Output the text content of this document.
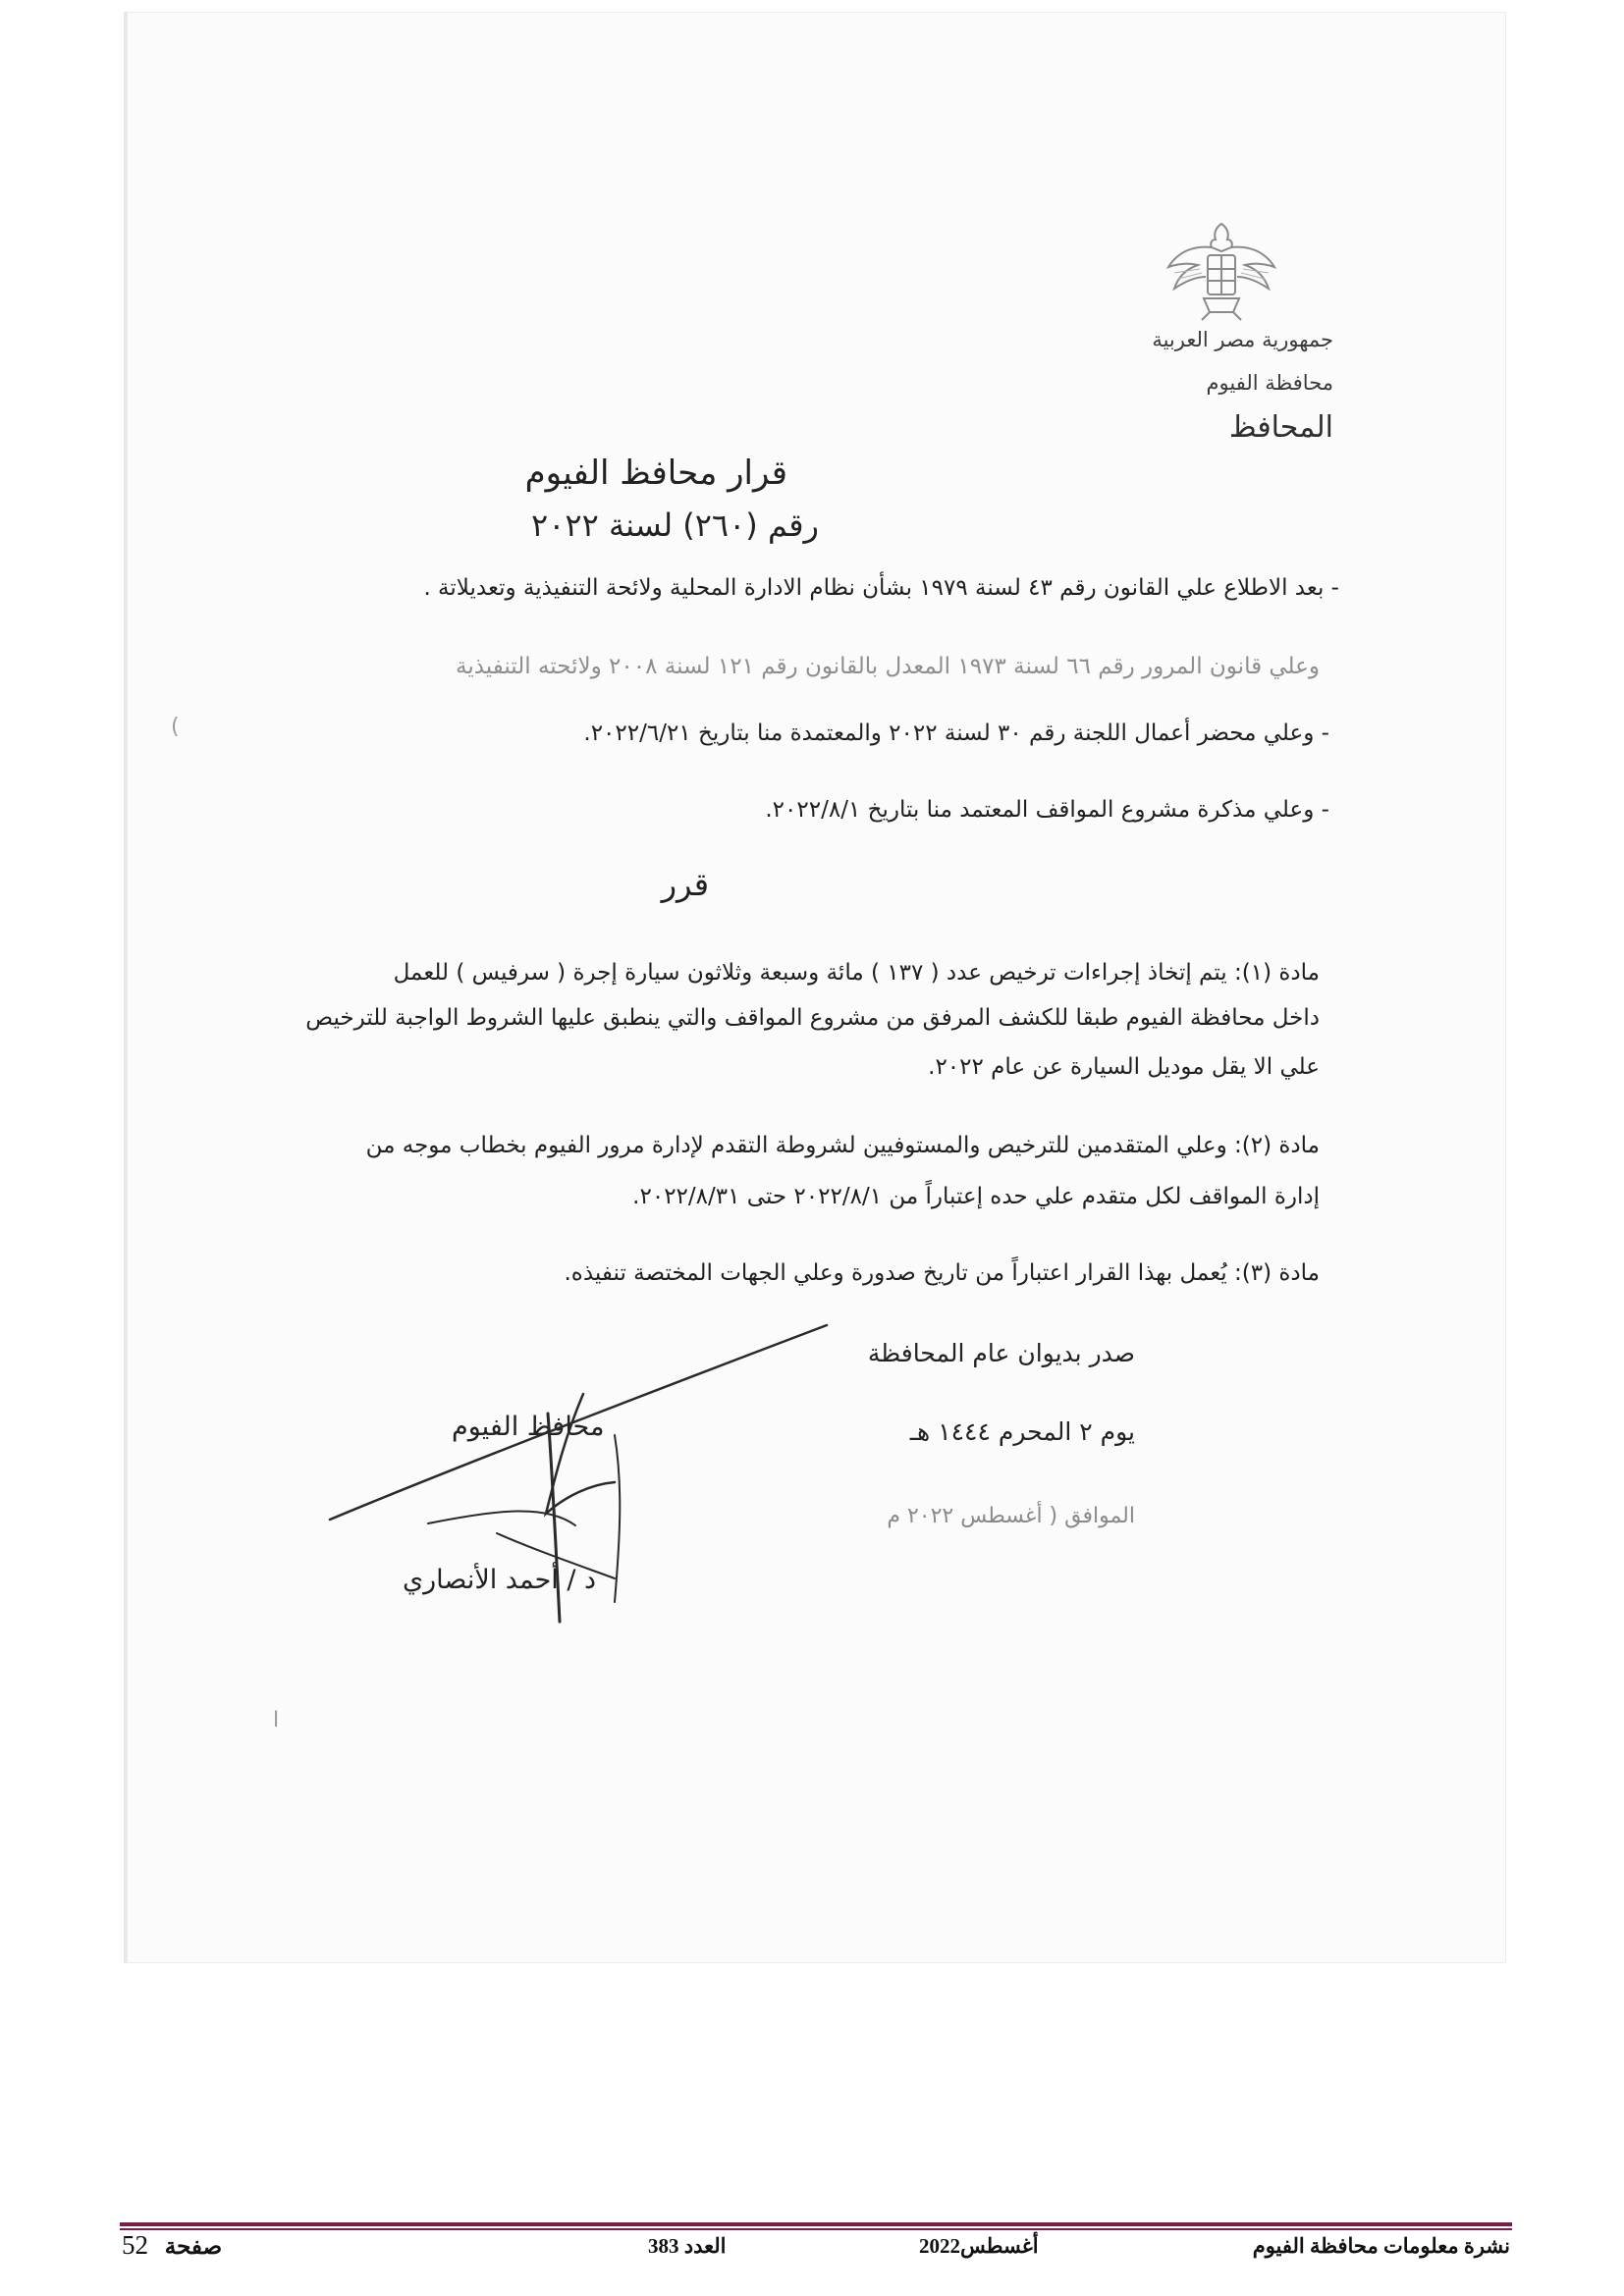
جمهورية مصر العربية
محافظة الفيوم
المحافظ
قرار محافظ الفيوم
رقم (٢٦٠) لسنة ٢٠٢٢
- بعد الاطلاع علي القانون رقم ٤٣ لسنة ١٩٧٩ بشأن نظام الادارة المحلية ولائحة التنفيذية وتعديلاتة .
وعلي قانون المرور رقم ٦٦ لسنة ١٩٧٣ المعدل بالقانون رقم ١٢١ لسنة ٢٠٠٨ ولائحته التنفيذية
- وعلي محضر أعمال اللجنة رقم ٣٠ لسنة ٢٠٢٢ والمعتمدة منا بتاريخ ٢٠٢٢/٦/٢١.
- وعلي مذكرة مشروع المواقف المعتمد منا بتاريخ ٢٠٢٢/٨/١.
قرر
مادة (١): يتم إتخاذ إجراءات ترخيص عدد ( ١٣٧ ) مائة وسبعة وثلاثون سيارة إجرة ( سرفيس ) للعمل
داخل محافظة الفيوم طبقا للكشف المرفق من مشروع المواقف والتي ينطبق عليها الشروط الواجبة للترخيص
علي الا يقل موديل السيارة عن عام ٢٠٢٢.
مادة (٢): وعلي المتقدمين للترخيص والمستوفيين لشروطة التقدم لإدارة مرور الفيوم بخطاب موجه من
إدارة المواقف لكل متقدم علي حده إعتباراً من ٢٠٢٢/٨/١ حتى ٢٠٢٢/٨/٣١.
مادة (٣): يُعمل بهذا القرار اعتباراً من تاريخ صدورة وعلي الجهات المختصة تنفيذه.
صدر بديوان عام المحافظة
يوم ٢ المحرم ١٤٤٤ هـ
الموافق ( أغسطس ٢٠٢٢ م
محافظ الفيوم
د / أحمد الأنصاري
(
ا
نشرة معلومات محافظة الفيوم
أغسطس2022
العدد 383
52 صفحة
